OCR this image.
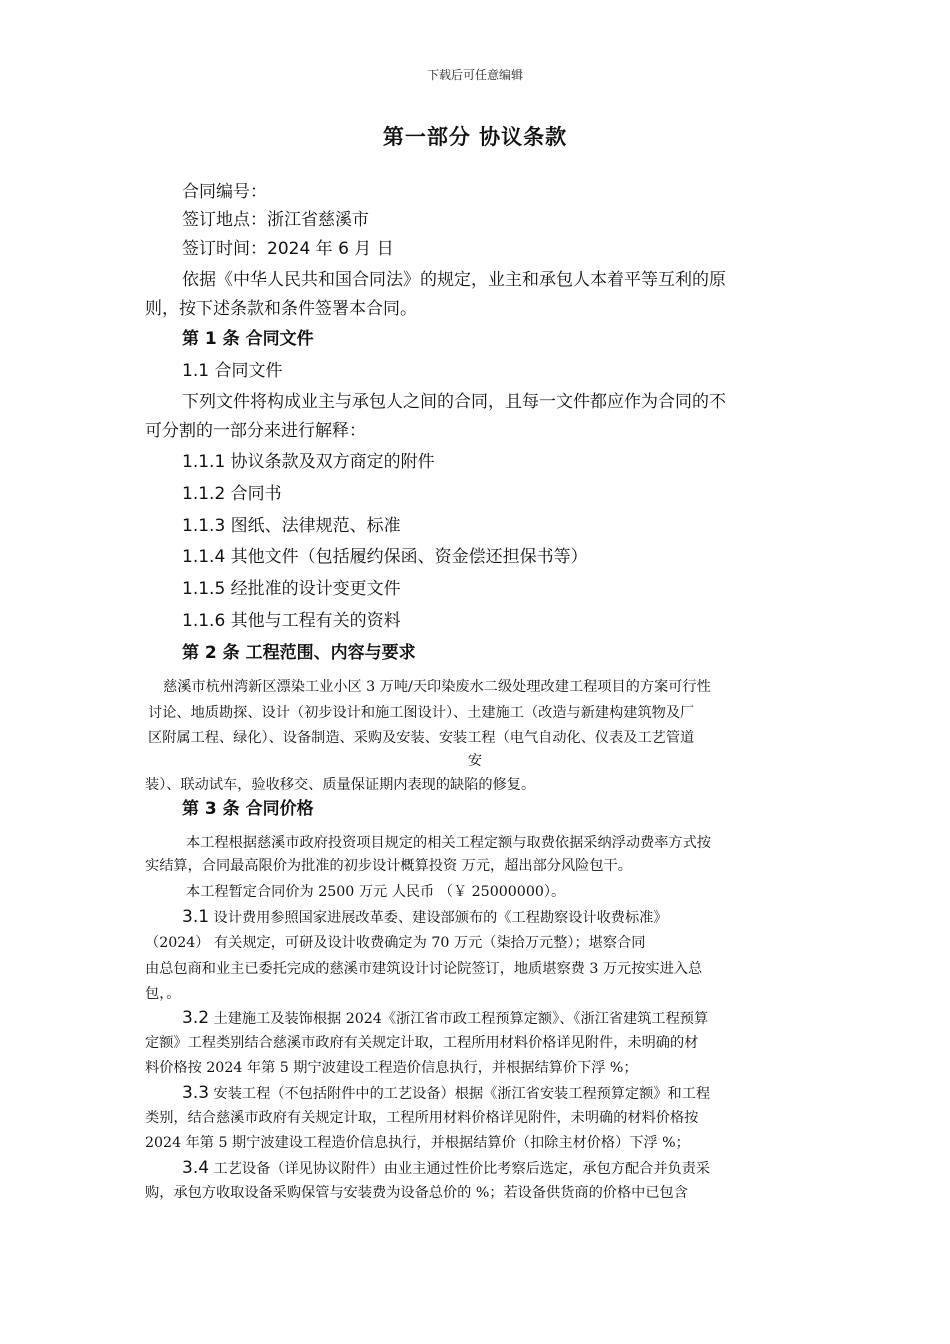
下载后可任意编辑
第一部分 协议条款
合同编号：
签订地点：浙江省慈溪市
签订时间：2024 年 6 月 日
依据《中华人民共和国合同法》的规定，业主和承包人本着平等互利的原
则，按下述条款和条件签署本合同。
第 1 条 合同文件
1.1 合同文件
下列文件将构成业主与承包人之间的合同，且每一文件都应作为合同的不
可分割的一部分来进行解释：
1.1.1 协议条款及双方商定的附件
1.1.2 合同书
1.1.3 图纸、法律规范、标准
1.1.4 其他文件（包括履约保函、资金偿还担保书等）
1.1.5 经批准的设计变更文件
1.1.6 其他与工程有关的资料
第 2 条 工程范围、内容与要求
慈溪市杭州湾新区漂染工业小区 3 万吨/天印染废水二级处理改建工程项目的方案可行性
讨论、地质勘探、设计（初步设计和施工图设计）、土建施工（改造与新建构建筑物及厂
区附属工程、绿化）、设备制造、采购及安装、安装工程（电气自动化、仪表及工艺管道
安
装）、联动试车，验收移交、质量保证期内表现的缺陷的修复。
第 3 条 合同价格
本工程根据慈溪市政府投资项目规定的相关工程定额与取费依据采纳浮动费率方式按
实结算，合同最高限价为批准的初步设计概算投资 万元，超出部分风险包干。
本工程暂定合同价为 2500 万元 人民币 （￥ 25000000）。
3.1 设计费用参照国家进展改革委、建设部颁布的《工程勘察设计收费标准》
（2024） 有关规定，可研及设计收费确定为 70 万元（柒拾万元整）；堪察合同
由总包商和业主已委托完成的慈溪市建筑设计讨论院签订，地质堪察费 3 万元按实进入总
包，。
3.2 土建施工及装饰根据 2024《浙江省市政工程预算定额》、《浙江省建筑工程预算
定额》工程类别结合慈溪市政府有关规定计取，工程所用材料价格详见附件，未明确的材
料价格按 2024 年第 5 期宁波建设工程造价信息执行，并根据结算价下浮 %；
3.3 安装工程（不包括附件中的工艺设备）根据《浙江省安装工程预算定额》和工程
类别，结合慈溪市政府有关规定计取，工程所用材料价格详见附件，未明确的材料价格按
2024 年第 5 期宁波建设工程造价信息执行，并根据结算价（扣除主材价格）下浮 %；
3.4 工艺设备（详见协议附件）由业主通过性价比考察后选定，承包方配合并负责采
购，承包方收取设备采购保管与安装费为设备总价的 %；若设备供货商的价格中已包含
